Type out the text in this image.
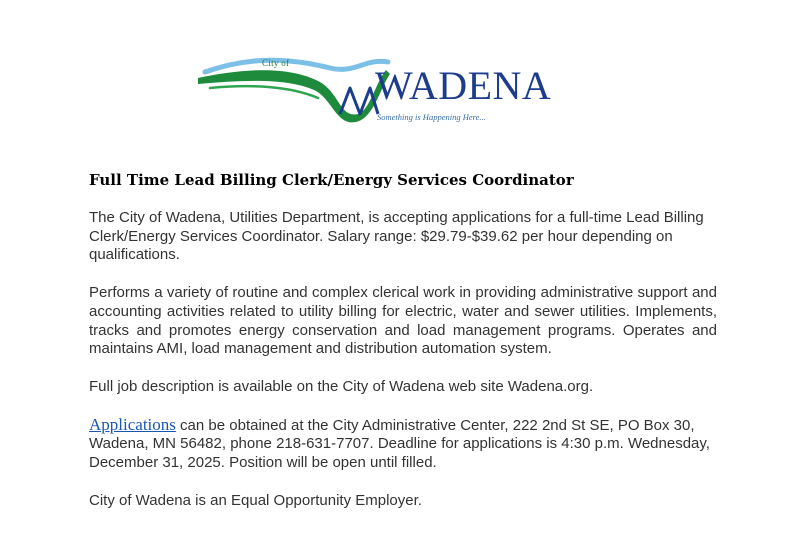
City of WADENA
Something is Happening Here...
Full Time Lead Billing Clerk/Energy Services Coordinator
The City of Wadena, Utilities Department, is accepting applications for a full-time Lead Billing Clerk/Energy Services Coordinator. Salary range: $29.79-$39.62 per hour depending on qualifications.
Performs a variety of routine and complex clerical work in providing administrative support and accounting activities related to utility billing for electric, water and sewer utilities. Implements, tracks and promotes energy conservation and load management programs. Operates and maintains AMI, load management and distribution automation system.
Full job description is available on the City of Wadena web site Wadena.org.
Applications can be obtained at the City Administrative Center, 222 2nd St SE, PO Box 30, Wadena, MN 56482, phone 218-631-7707. Deadline for applications is 4:30 p.m. Wednesday, December 31, 2025. Position will be open until filled.
City of Wadena is an Equal Opportunity Employer.
